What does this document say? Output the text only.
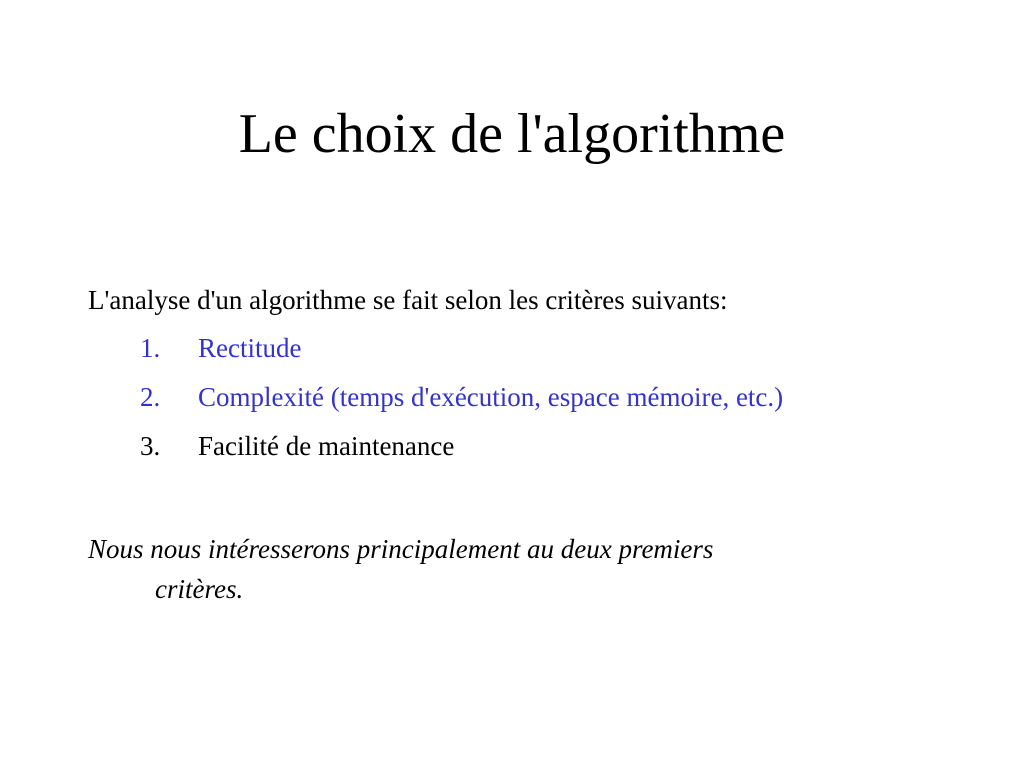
Le choix de l'algorithme
L'analyse d'un algorithme se fait selon les critères suivants:
1. Rectitude
2. Complexité (temps d'exécution, espace mémoire, etc.)
3. Facilité de maintenance
Nous nous intéresserons principalement au deux premiers
critères.
